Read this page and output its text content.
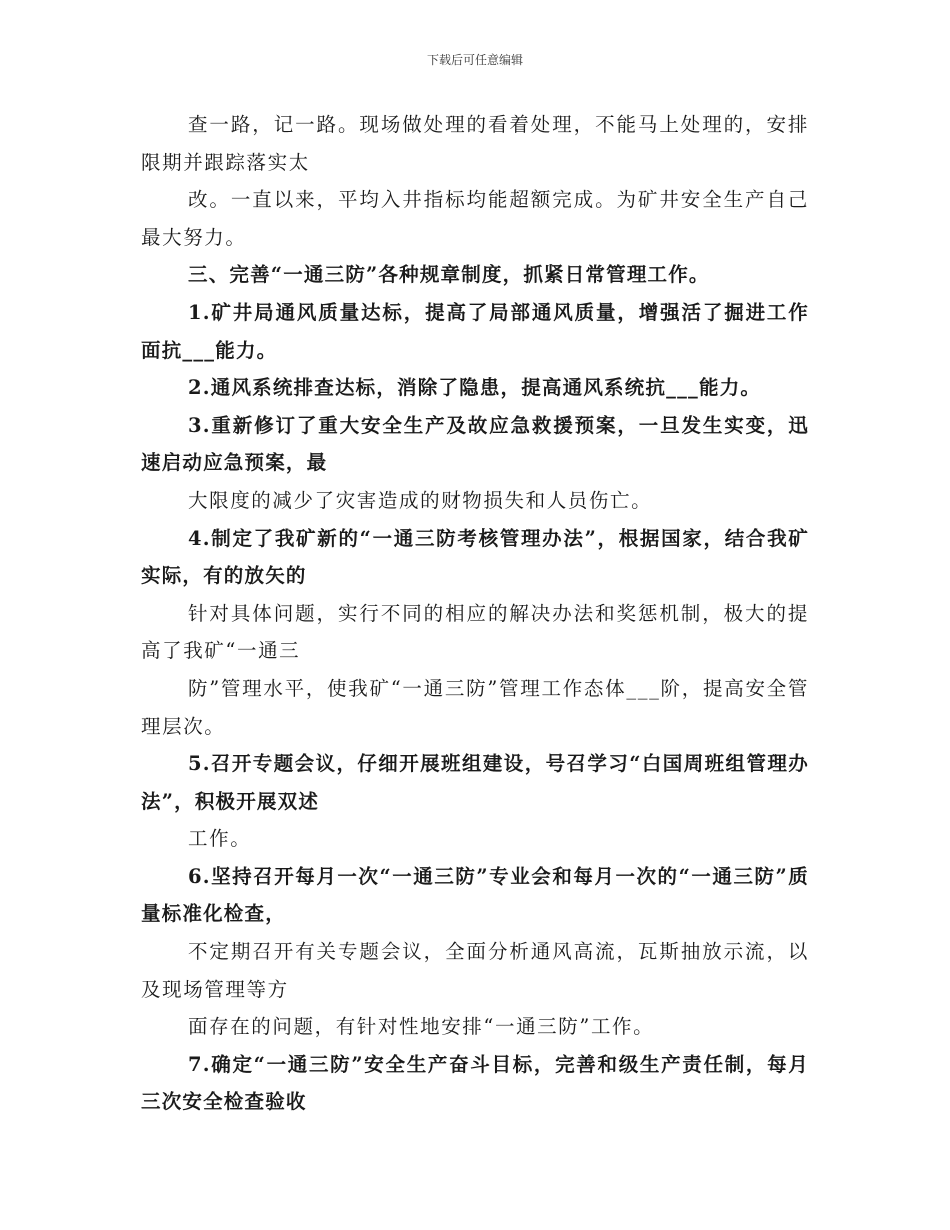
下载后可任意编辑

查一路，记一路。现场做处理的看着处理，不能马上处理的，安排限期并跟踪落实太

改。一直以来，平均入井指标均能超额完成。为矿井安全生产自己最大努力。

三、完善“一通三防”各种规章制度，抓紧日常管理工作。

1.矿井局通风质量达标，提高了局部通风质量，增强活了掘进工作面抗___能力。

2.通风系统排查达标，消除了隐患，提高通风系统抗___能力。

3.重新修订了重大安全生产及故应急救援预案，一旦发生实变，迅速启动应急预案，最

大限度的减少了灾害造成的财物损失和人员伤亡。

4.制定了我矿新的“一通三防考核管理办法”，根据国家，结合我矿实际，有的放矢的

针对具体问题，实行不同的相应的解决办法和奖惩机制，极大的提高了我矿“一通三

防”管理水平，使我矿“一通三防”管理工作态体___阶，提高安全管理层次。

5.召开专题会议，仔细开展班组建设，号召学习“白国周班组管理办法”，积极开展双述

工作。

6.坚持召开每月一次“一通三防”专业会和每月一次的“一通三防”质量标准化检查，

不定期召开有关专题会议，全面分析通风高流，瓦斯抽放示流，以及现场管理等方

面存在的问题，有针对性地安排“一通三防”工作。

7.确定“一通三防”安全生产奋斗目标，完善和级生产责任制，每月三次安全检查验收
